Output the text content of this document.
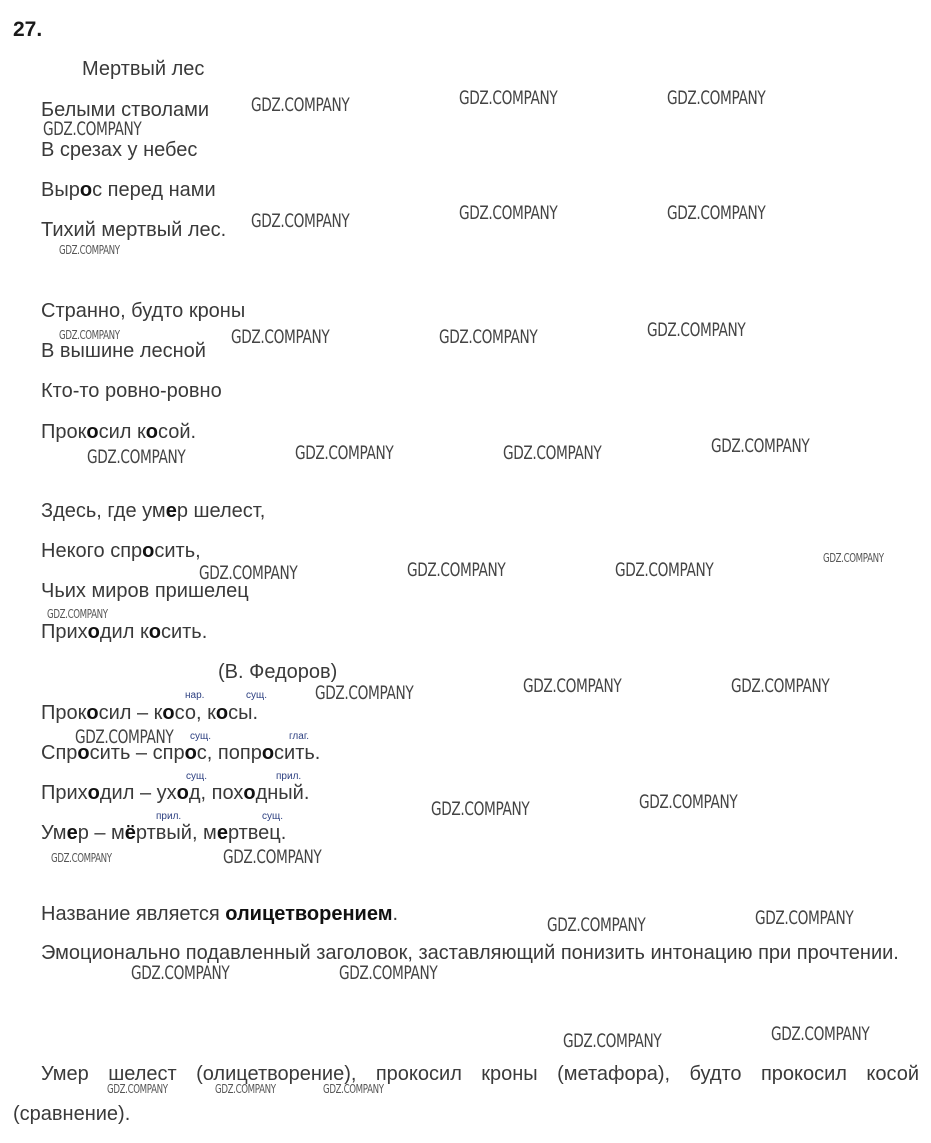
27.
Мертвый лес
Белыми стволами
В срезах у небес
Вырос перед нами
Тихий мертвый лес.
Странно, будто кроны
В вышине лесной
Кто-то ровно-ровно
Прокосил косой.
Здесь, где умер шелест,
Некого спросить,
Чьих миров пришелец
Приходил косить.
(В. Федоров)
нар.	сущ.
сущ.	глаг.
сущ.	прил.
прил.	сущ.
Прокосил – косо, косы.
Спросить – спрос, попросить.
Приходил – уход, походный.
Умер – мёртвый, мертвец.
Название является олицетворением.

Эмоционально подавленный заголовок, заставляющий понизить интонацию при прочтении.

Умер шелест (олицетворение), прокосил кроны (метафора), будто прокосил косой (сравнение).

GDZ.COMPANY	GDZ.COMPANY	GDZ.COMPANY
GDZ.COMPANY
GDZ.COMPANY	GDZ.COMPANY	GDZ.COMPANY
GDZ.COMPANY
GDZ.COMPANY	GDZ.COMPANY	GDZ.COMPANY	GDZ.COMPANY
GDZ.COMPANY	GDZ.COMPANY	GDZ.COMPANY	GDZ.COMPANY
GDZ.COMPANY
GDZ.COMPANY	GDZ.COMPANY	GDZ.COMPANY
GDZ.COMPANY
GDZ.COMPANY	GDZ.COMPANY	GDZ.COMPANY
GDZ.COMPANY
GDZ.COMPANY	GDZ.COMPANY
GDZ.COMPANY	GDZ.COMPANY
GDZ.COMPANY	GDZ.COMPANY
GDZ.COMPANY	GDZ.COMPANY
GDZ.COMPANY	GDZ.COMPANY
GDZ.COMPANY	GDZ.COMPANY	GDZ.COMPANY
